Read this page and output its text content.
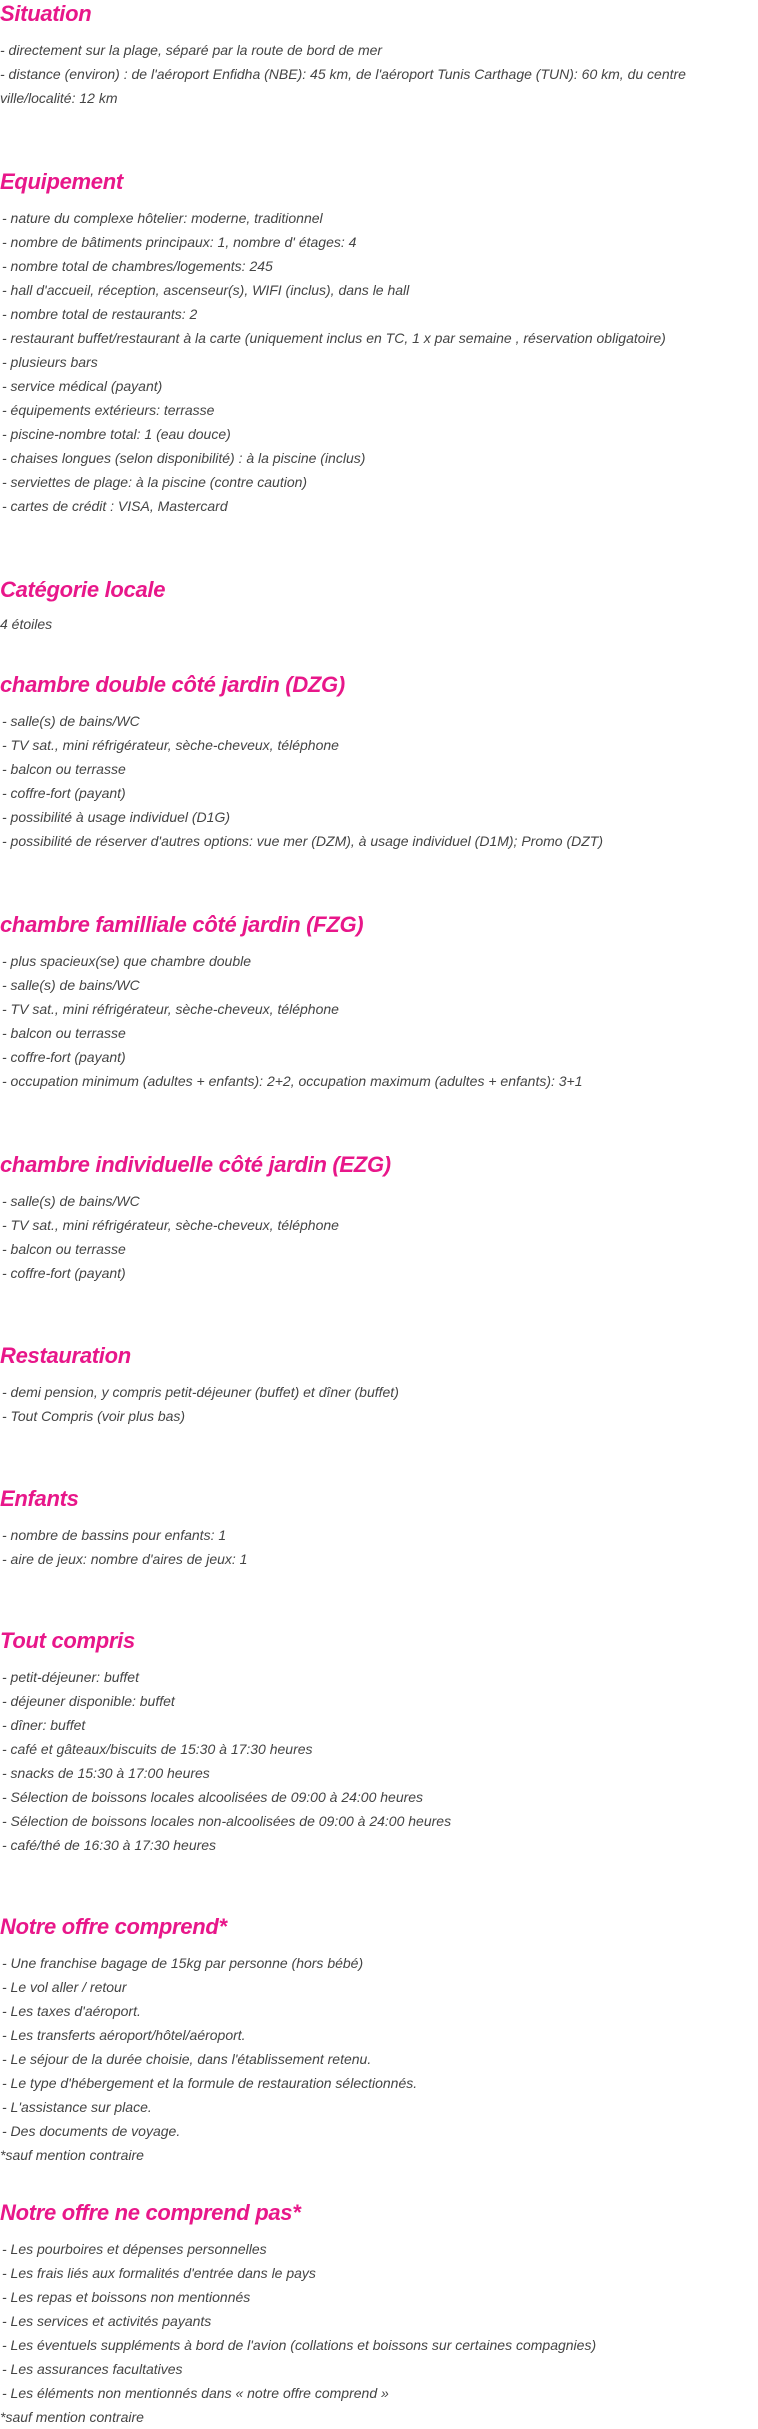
Situation
- directement sur la plage, séparé par la route de bord de mer
- distance (environ) : de l'aéroport Enfidha (NBE): 45 km, de l'aéroport Tunis Carthage (TUN): 60 km, du centre ville/localité: 12 km
Equipement
- nature du complexe hôtelier: moderne, traditionnel
- nombre de bâtiments principaux: 1, nombre d' étages: 4
- nombre total de chambres/logements: 245
- hall d'accueil, réception, ascenseur(s), WIFI (inclus), dans le hall
- nombre total de restaurants: 2
- restaurant buffet/restaurant à la carte (uniquement inclus en TC, 1 x par semaine , réservation obligatoire)
- plusieurs bars
- service médical (payant)
- équipements extérieurs: terrasse
- piscine-nombre total: 1 (eau douce)
- chaises longues (selon disponibilité) : à la piscine (inclus)
- serviettes de plage: à la piscine (contre caution)
- cartes de crédit : VISA, Mastercard
Catégorie locale
4 étoiles
chambre double côté jardin (DZG)
- salle(s) de bains/WC
- TV sat., mini réfrigérateur, sèche-cheveux, téléphone
- balcon ou terrasse
- coffre-fort (payant)
- possibilité à usage individuel (D1G)
- possibilité de réserver d'autres options: vue mer (DZM), à usage individuel (D1M); Promo (DZT)
chambre familliale côté jardin (FZG)
- plus spacieux(se) que chambre double
- salle(s) de bains/WC
- TV sat., mini réfrigérateur, sèche-cheveux, téléphone
- balcon ou terrasse
- coffre-fort (payant)
- occupation minimum (adultes + enfants): 2+2, occupation maximum (adultes + enfants): 3+1
chambre individuelle côté jardin (EZG)
- salle(s) de bains/WC
- TV sat., mini réfrigérateur, sèche-cheveux, téléphone
- balcon ou terrasse
- coffre-fort (payant)
Restauration
- demi pension, y compris petit-déjeuner (buffet) et dîner (buffet)
- Tout Compris (voir plus bas)
Enfants
- nombre de bassins pour enfants: 1
- aire de jeux: nombre d'aires de jeux: 1
Tout compris
- petit-déjeuner: buffet
- déjeuner disponible: buffet
- dîner: buffet
- café et gâteaux/biscuits de 15:30 à 17:30 heures
- snacks de 15:30 à 17:00 heures
- Sélection de boissons locales alcoolisées de 09:00 à 24:00 heures
- Sélection de boissons locales non-alcoolisées de 09:00 à 24:00 heures
- café/thé de 16:30 à 17:30 heures
Notre offre comprend*
- Une franchise bagage de 15kg par personne (hors bébé)
- Le vol aller / retour
- Les taxes d'aéroport.
- Les transferts aéroport/hôtel/aéroport.
- Le séjour de la durée choisie, dans l'établissement retenu.
- Le type d'hébergement et la formule de restauration sélectionnés.
- L'assistance sur place.
- Des documents de voyage.
*sauf mention contraire
Notre offre ne comprend pas*
- Les pourboires et dépenses personnelles
- Les frais liés aux formalités d'entrée dans le pays
- Les repas et boissons non mentionnés
- Les services et activités payants
- Les éventuels suppléments à bord de l'avion (collations et boissons sur certaines compagnies)
- Les assurances facultatives
- Les éléments non mentionnés dans « notre offre comprend »
*sauf mention contraire
